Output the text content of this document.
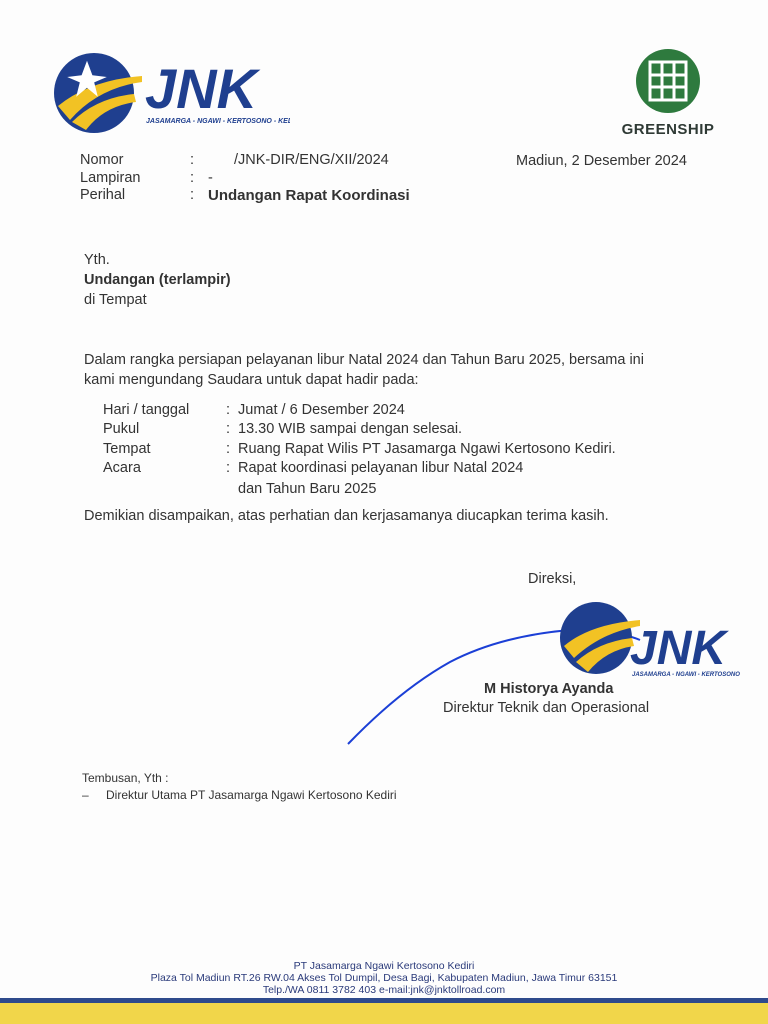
JNK
JASAMARGA - NGAWI - KERTOSONO - KEDIRI	GREENSHIP
Nomor	:	/JNK-DIR/ENG/XII/2024
Lampiran	: -
Perihal	: Undangan Rapat Koordinasi
Madiun, 2 Desember 2024
Yth.
Undangan (terlampir)
di Tempat
Dalam rangka persiapan pelayanan libur Natal 2024 dan Tahun Baru 2025, bersama ini
kami mengundang Saudara untuk dapat hadir pada:
Hari / tanggal	: Jumat / 6 Desember 2024
Pukul	: 13.30 WIB sampai dengan selesai.
Tempat	: Ruang Rapat Wilis PT Jasamarga Ngawi Kertosono Kediri.
Acara	: Rapat koordinasi pelayanan libur Natal 2024
dan Tahun Baru 2025
Demikian disampaikan, atas perhatian dan kerjasamanya diucapkan terima kasih.
Direksi,
JNK
JASAMARGA - NGAWI - KERTOSONO
M Historya Ayanda
Direktur Teknik dan Operasional
Tembusan, Yth :
– Direktur Utama PT Jasamarga Ngawi Kertosono Kediri
PT Jasamarga Ngawi Kertosono Kediri
Plaza Tol Madiun RT.26 RW.04 Akses Tol Dumpil, Desa Bagi, Kabupaten Madiun, Jawa Timur 63151
Telp./WA 0811 3782 403 e-mail:jnk@jnktollroad.com
